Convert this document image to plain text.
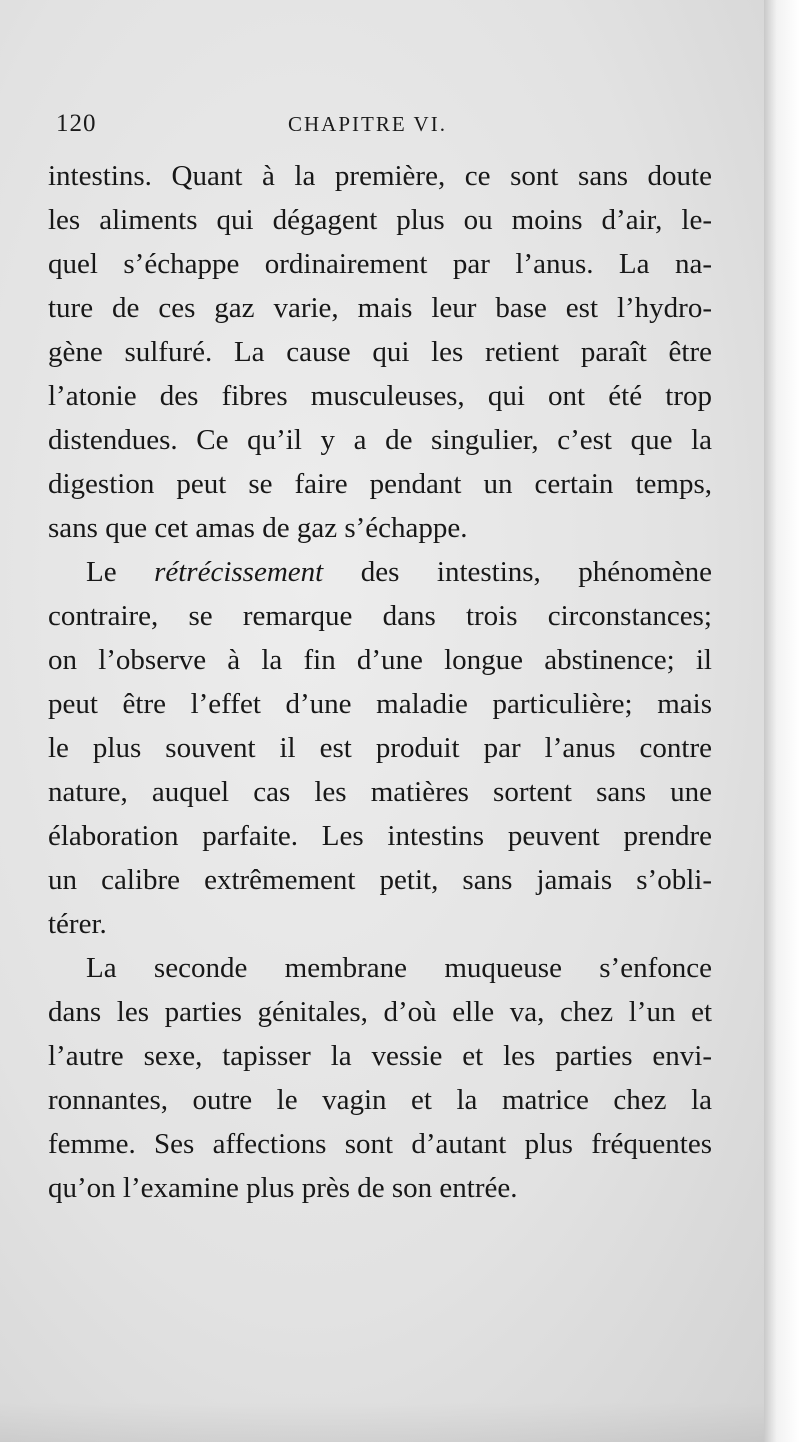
120	CHAPITRE VI.
intestins. Quant à la première, ce sont sans doute
les aliments qui dégagent plus ou moins d’air, le-
quel s’échappe ordinairement par l’anus. La na-
ture de ces gaz varie, mais leur base est l’hydro-
gène sulfuré. La cause qui les retient paraît être
l’atonie des fibres musculeuses, qui ont été trop
distendues. Ce qu’il y a de singulier, c’est que la
digestion peut se faire pendant un certain temps,
sans que cet amas de gaz s’échappe.
Le rétrécissement des intestins, phénomène
contraire, se remarque dans trois circonstances;
on l’observe à la fin d’une longue abstinence; il
peut être l’effet d’une maladie particulière; mais
le plus souvent il est produit par l’anus contre
nature, auquel cas les matières sortent sans une
élaboration parfaite. Les intestins peuvent prendre
un calibre extrêmement petit, sans jamais s’obli-
térer.
La seconde membrane muqueuse s’enfonce
dans les parties génitales, d’où elle va, chez l’un et
l’autre sexe, tapisser la vessie et les parties envi-
ronnantes, outre le vagin et la matrice chez la
femme. Ses affections sont d’autant plus fréquentes
qu’on l’examine plus près de son entrée.
